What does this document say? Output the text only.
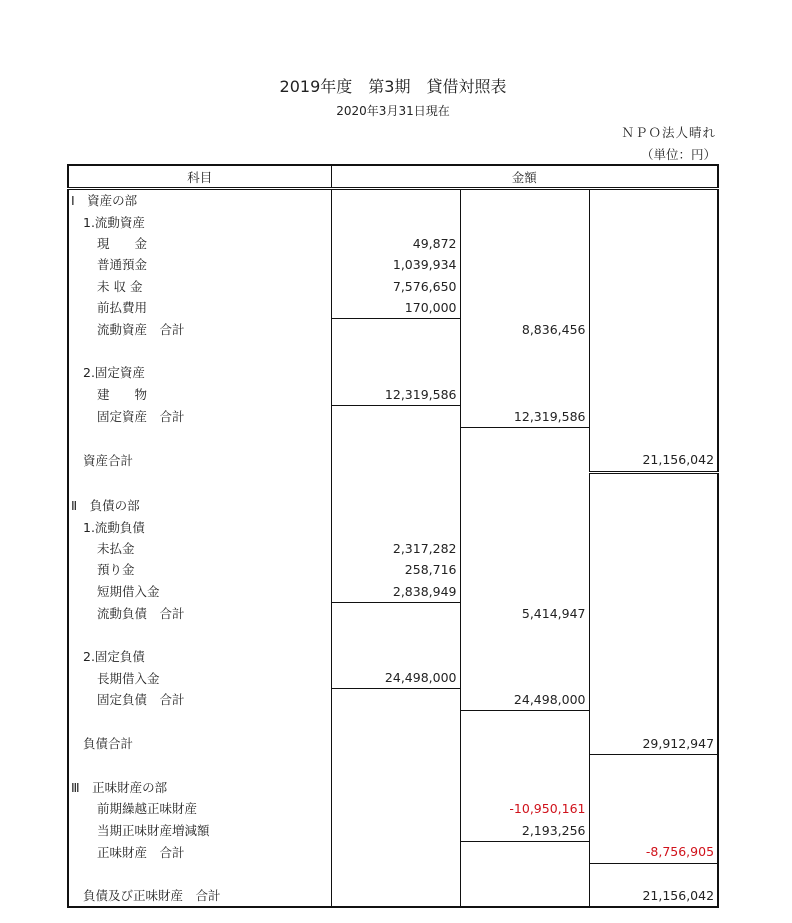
2019年度　第3期　貸借対照表
2020年3月31日現在
ＮＰＯ法人晴れ
（単位：円）
科目	金額		
Ⅰ　資産の部			
1.流動資産			
現　　金	49,872		
普通預金	1,039,934		
未 収 金	7,576,650		
前払費用	170,000		
流動資産　合計		8,836,456	

2.固定資産			
建　　物	12,319,586		
固定資産　合計		12,319,586	

資産合計			21,156,042

Ⅱ　負債の部			
1.流動負債			
未払金	2,317,282		
預り金	258,716		
短期借入金	2,838,949		
流動負債　合計		5,414,947	

2.固定負債			
長期借入金	24,498,000		
固定負債　合計		24,498,000	

負債合計			29,912,947

Ⅲ　正味財産の部			
前期繰越正味財産		-10,950,161	
当期正味財産増減額		2,193,256	
正味財産　合計			-8,756,905

負債及び正味財産　合計			21,156,042
